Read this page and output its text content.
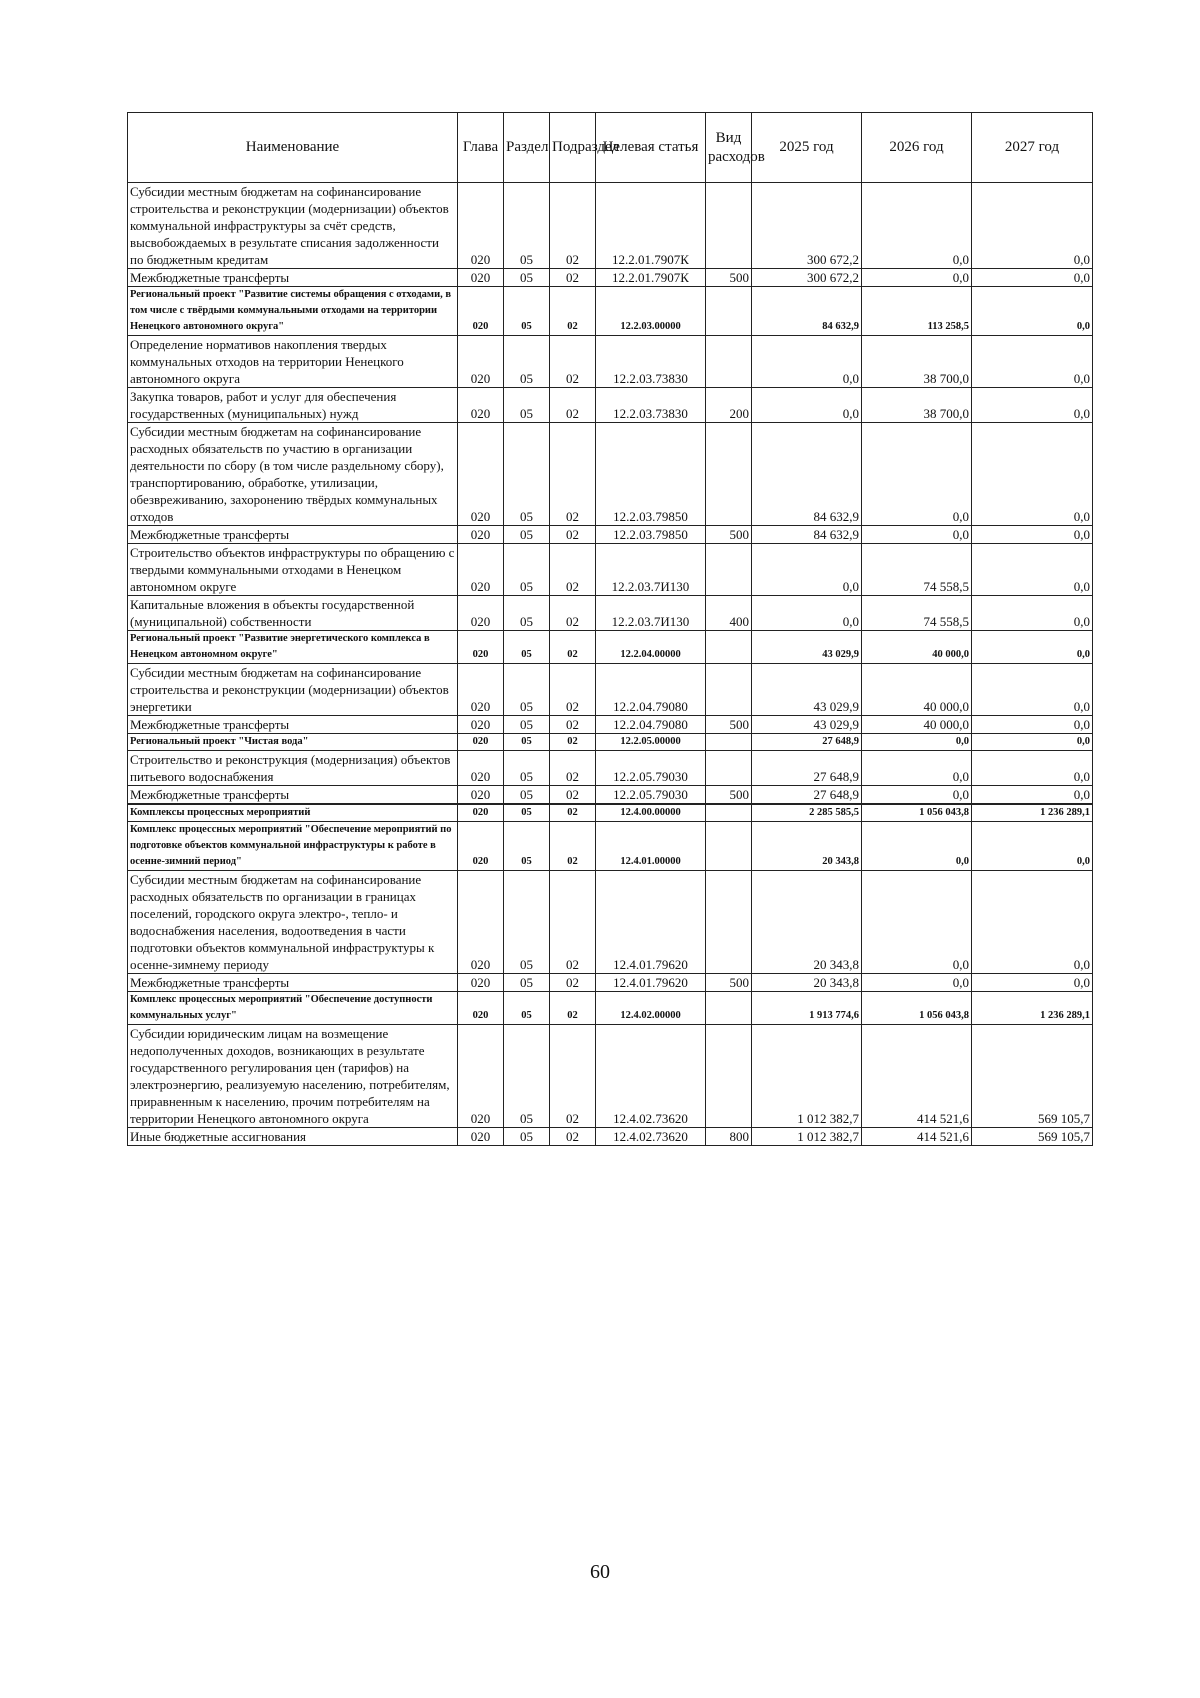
Наименование	Глава	Раздел	Подраздел	Целевая статья	Вид расходов	2025 год	2026 год	2027 год
Субсидии местным бюджетам на софинансирование строительства и реконструкции (модернизации) объектов коммунальной инфраструктуры за счёт средств, высвобождаемых в результате списания задолженности по бюджетным кредитам	020	05	02	12.2.01.7907К		300 672,2	0,0	0,0
Межбюджетные трансферты	020	05	02	12.2.01.7907К	500	300 672,2	0,0	0,0
Региональный проект "Развитие системы обращения с отходами, в том числе с твёрдыми коммунальными отходами на территории Ненецкого автономного округа"	020	05	02	12.2.03.00000		84 632,9	113 258,5	0,0
Определение нормативов накопления твердых коммунальных отходов на территории Ненецкого автономного округа	020	05	02	12.2.03.73830		0,0	38 700,0	0,0
Закупка товаров, работ и услуг для обеспечения государственных (муниципальных) нужд	020	05	02	12.2.03.73830	200	0,0	38 700,0	0,0
Субсидии местным бюджетам на софинансирование расходных обязательств по участию в организации деятельности по сбору (в том числе раздельному сбору), транспортированию, обработке, утилизации, обезвреживанию, захоронению твёрдых коммунальных отходов	020	05	02	12.2.03.79850		84 632,9	0,0	0,0
Межбюджетные трансферты	020	05	02	12.2.03.79850	500	84 632,9	0,0	0,0
Строительство объектов инфраструктуры по обращению с твердыми коммунальными отходами в Ненецком автономном округе	020	05	02	12.2.03.7И130		0,0	74 558,5	0,0
Капитальные вложения в объекты государственной (муниципальной) собственности	020	05	02	12.2.03.7И130	400	0,0	74 558,5	0,0
Региональный проект "Развитие энергетического комплекса в Ненецком автономном округе"	020	05	02	12.2.04.00000		43 029,9	40 000,0	0,0
Субсидии местным бюджетам на софинансирование строительства и реконструкции (модернизации) объектов энергетики	020	05	02	12.2.04.79080		43 029,9	40 000,0	0,0
Межбюджетные трансферты	020	05	02	12.2.04.79080	500	43 029,9	40 000,0	0,0
Региональный проект "Чистая вода"	020	05	02	12.2.05.00000		27 648,9	0,0	0,0
Строительство и реконструкция (модернизация) объектов питьевого водоснабжения	020	05	02	12.2.05.79030		27 648,9	0,0	0,0
Межбюджетные трансферты	020	05	02	12.2.05.79030	500	27 648,9	0,0	0,0
Комплексы процессных мероприятий	020	05	02	12.4.00.00000		2 285 585,5	1 056 043,8	1 236 289,1
Комплекс процессных мероприятий "Обеспечение мероприятий по подготовке объектов коммунальной инфраструктуры к работе в осенне-зимний период"	020	05	02	12.4.01.00000		20 343,8	0,0	0,0
Субсидии местным бюджетам на софинансирование расходных обязательств по организации в границах поселений, городского округа электро-, тепло- и водоснабжения населения, водоотведения в части подготовки объектов коммунальной инфраструктуры к осенне-зимнему периоду	020	05	02	12.4.01.79620		20 343,8	0,0	0,0
Межбюджетные трансферты	020	05	02	12.4.01.79620	500	20 343,8	0,0	0,0
Комплекс процессных мероприятий "Обеспечение доступности коммунальных услуг"	020	05	02	12.4.02.00000		1 913 774,6	1 056 043,8	1 236 289,1
Субсидии юридическим лицам на возмещение недополученных доходов, возникающих в результате государственного регулирования цен (тарифов) на электроэнергию, реализуемую населению, потребителям, приравненным к населению, прочим потребителям на территории Ненецкого автономного округа	020	05	02	12.4.02.73620		1 012 382,7	414 521,6	569 105,7
Иные бюджетные ассигнования	020	05	02	12.4.02.73620	800	1 012 382,7	414 521,6	569 105,7
60
